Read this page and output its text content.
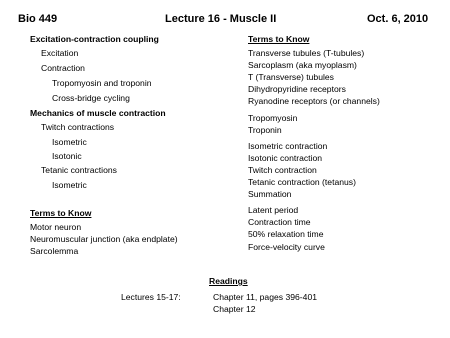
Bio 449	Lecture 16 - Muscle II	Oct. 6, 2010
Excitation-contraction coupling
Excitation
Contraction
Tropomyosin and troponin
Cross-bridge cycling
Mechanics of muscle contraction
Twitch contractions
Isometric
Isotonic
Tetanic contractions
Isometric
Terms to Know
Motor neuron
Neuromuscular junction (aka endplate)
Sarcolemma
Terms to Know
Transverse tubules (T-tubules)
Sarcoplasm (aka myoplasm)
T (Transverse) tubules
Dihydropyridine receptors
Ryanodine receptors (or channels)
Tropomyosin
Troponin
Isometric contraction
Isotonic contraction
Twitch contraction
Tetanic contraction (tetanus)
Summation
Latent period
Contraction time
50% relaxation time
Force-velocity curve
Readings
Lectures 15-17:	Chapter 11, pages 396-401
Chapter 12
